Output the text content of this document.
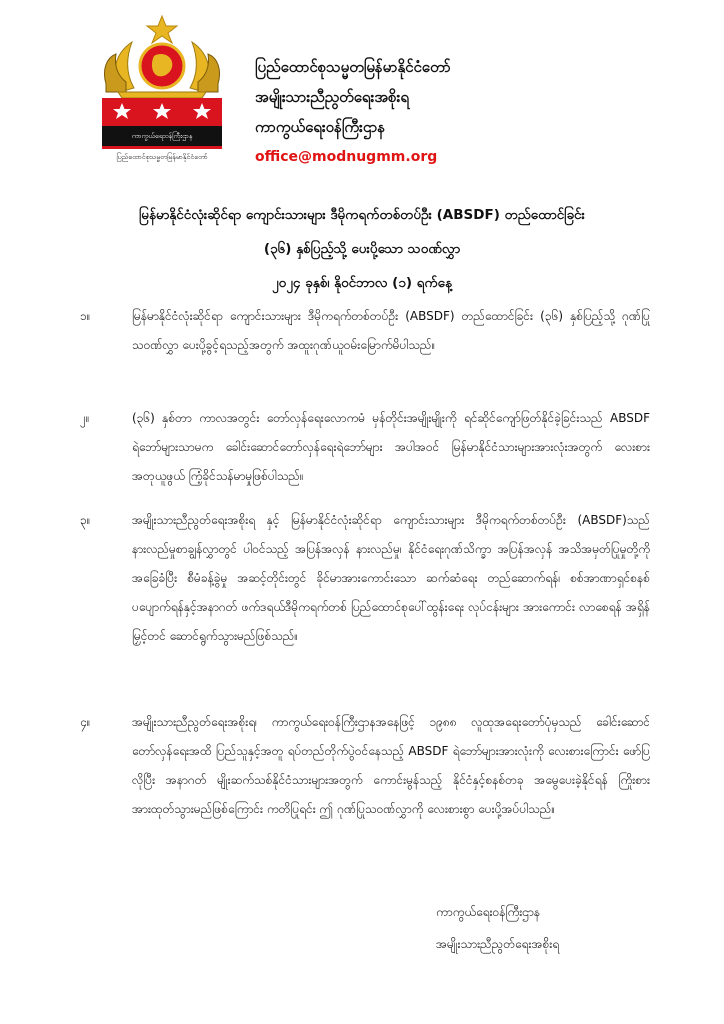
ကာကွယ်ရေးဝန်ကြီးဌာန
ပြည်ထောင်စုသမ္မတမြန်မာနိုင်ငံတော်
ပြည်ထောင်စုသမ္မတမြန်မာနိုင်ငံတော်
အမျိုးသားညီညွတ်ရေးအစိုးရ
ကာကွယ်ရေးဝန်ကြီးဌာန
office@modnugmm.org
မြန်မာနိုင်ငံလုံးဆိုင်ရာ ကျောင်းသားများ ဒီမိုကရက်တစ်တပ်ဦး (ABSDF) တည်ထောင်ခြင်း
(၃၆) နှစ်ပြည့်သို့ ပေးပို့သော သဝဏ်လွှာ
၂၀၂၄ ခုနှစ်၊ နိုဝင်ဘာလ (၁) ရက်နေ့
၁။	မြန်မာနိုင်ငံလုံးဆိုင်ရာ ကျောင်းသားများ ဒီမိုကရက်တစ်တပ်ဦး (ABSDF) တည်ထောင်ခြင်း (၃၆) နှစ်ပြည့်သို့ ဂုဏ်ပြုသဝဏ်လွှာ ပေးပို့ခွင့်ရသည့်အတွက် အထူးဂုဏ်ယူဝမ်းမြောက်မိပါသည်။
၂။	(၃၆) နှစ်တာ ကာလအတွင်း တော်လှန်ရေးလောကမံ မှန်တိုင်းအမျိုးမျိုးကို ရင်ဆိုင်ကျော်ဖြတ်နိုင်ခဲ့ခြင်းသည် ABSDF ရဲဘော်များသာမက ခေါင်းဆောင်တော်လှန်ရေးရဲဘော်များ အပါအဝင် မြန်မာနိုင်ငံသားများအားလုံးအတွက် လေးစားအတုယူဖွယ် ကြံ့ခိုင်သန်မာမှုဖြစ်ပါသည်။
၃။	အမျိုးသားညီညွတ်ရေးအစိုးရ နှင့် မြန်မာနိုင်ငံလုံးဆိုင်ရာ ကျောင်းသားများ ဒီမိုကရက်တစ်တပ်ဦး (ABSDF)သည် နားလည်မှုစာချွန်လွှာတွင် ပါဝင်သည့် အပြန်အလှန် နားလည်မှု၊ နိုင်ငံရေးဂုဏ်သိက္ခာ အပြန်အလှန် အသိအမှတ်ပြုမှုတို့ကို အခြေခံပြီး စီမံခန့်ခွဲမှု အဆင့်တိုင်းတွင် ခိုင်မာအားကောင်းသော ဆက်ဆံရေး တည်ဆောက်ရန်၊ စစ်အာဏာရှင်စနစ် ပပျောက်ရန်နှင့်အနာဂတ် ဖက်ဒရယ်ဒီမိုကရက်တစ် ပြည်ထောင်စုပေါ်ထွန်းရေး လုပ်ငန်းများ အားကောင်း လာစေရန် အရှိန်မြှင့်တင် ဆောင်ရွက်သွားမည်ဖြစ်သည်။
၄။	အမျိုးသားညီညွတ်ရေးအစိုးရ၊ ကာကွယ်ရေးဝန်ကြီးဌာနအနေဖြင့် ၁၉၈၈ လူထုအရေးတော်ပုံမှသည် ခေါင်းဆောင်တော်လှန်ရေးအထိ ပြည်သူနှင့်အတူ ရပ်တည်တိုက်ပွဲဝင်နေသည့် ABSDF ရဲဘော်များအားလုံးကို လေးစားကြောင်း ဖော်ပြလိုပြီး အနာဂတ် မျိုးဆက်သစ်နိုင်ငံသားများအတွက် ကောင်းမွန်သည့် နိုင်ငံနှင့်စနစ်တခု အမွေပေးခဲ့နိုင်ရန် ကြိုးစားအားထုတ်သွားမည်ဖြစ်ကြောင်း ကတိပြုရင်း ဤ ဂုဏ်ပြုသဝဏ်လွှာကို လေးစားစွာ ပေးပို့အပ်ပါသည်။
ကာကွယ်ရေးဝန်ကြီးဌာန
အမျိုးသားညီညွတ်ရေးအစိုးရ
